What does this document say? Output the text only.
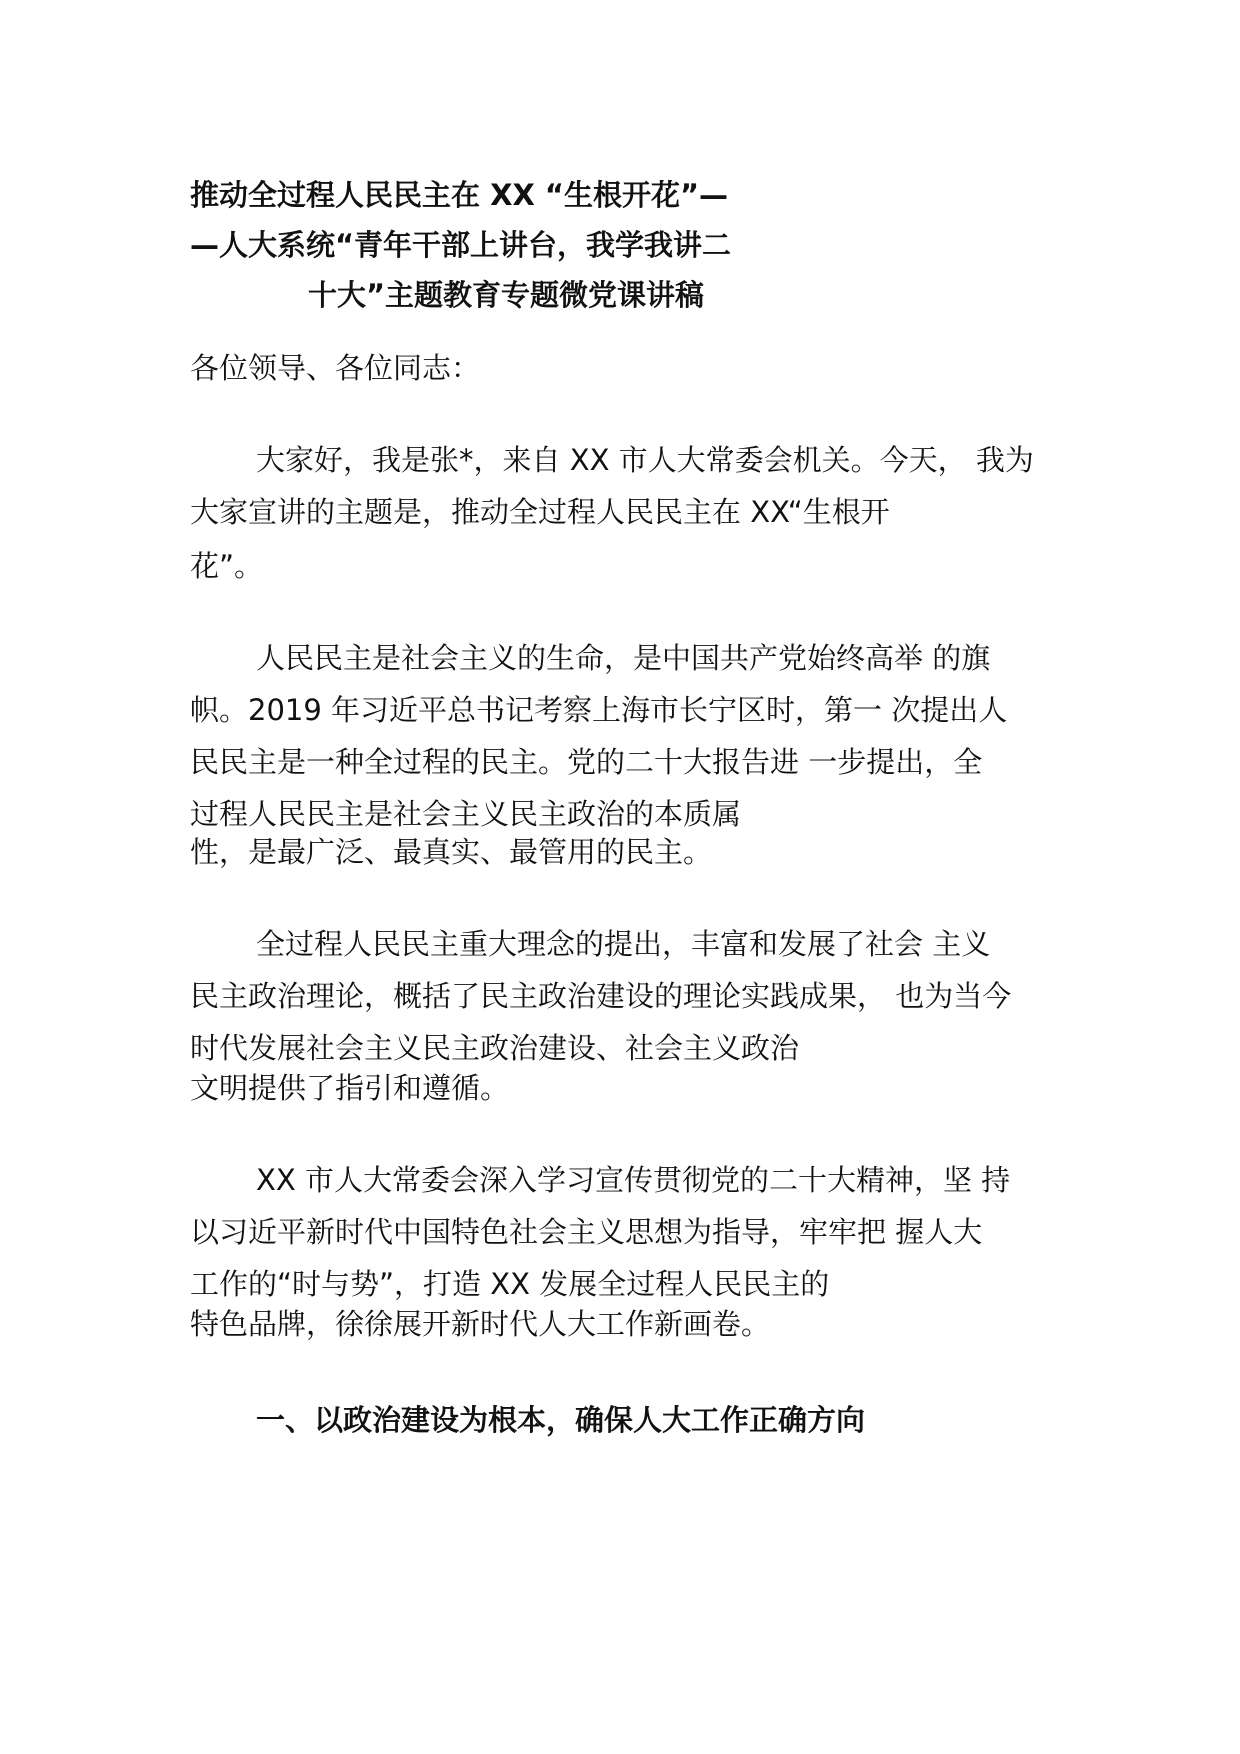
推动全过程人民民主在 XX “生根开花”—
—人大系统“青年干部上讲台，我学我讲二
十大”主题教育专题微党课讲稿

各位领导、各位同志：

大家好，我是张*，来自 XX 市人大常委会机关。今天， 我为
大家宣讲的主题是，推动全过程人民民主在 XX“生根开

花”。

人民民主是社会主义的生命，是中国共产党始终高举 的旗
帜。2019 年习近平总书记考察上海市长宁区时，第一 次提出人
民民主是一种全过程的民主。党的二十大报告进 一步提出，全
过程人民民主是社会主义民主政治的本质属

性，是最广泛、最真实、最管用的民主。

全过程人民民主重大理念的提出，丰富和发展了社会 主义
民主政治理论，概括了民主政治建设的理论实践成果， 也为当今
时代发展社会主义民主政治建设、社会主义政治

文明提供了指引和遵循。

XX 市人大常委会深入学习宣传贯彻党的二十大精神，坚 持
以习近平新时代中国特色社会主义思想为指导，牢牢把 握人大
工作的“时与势”，打造 XX 发展全过程人民民主的

特色品牌，徐徐展开新时代人大工作新画卷。

一、以政治建设为根本，确保人大工作正确方向
